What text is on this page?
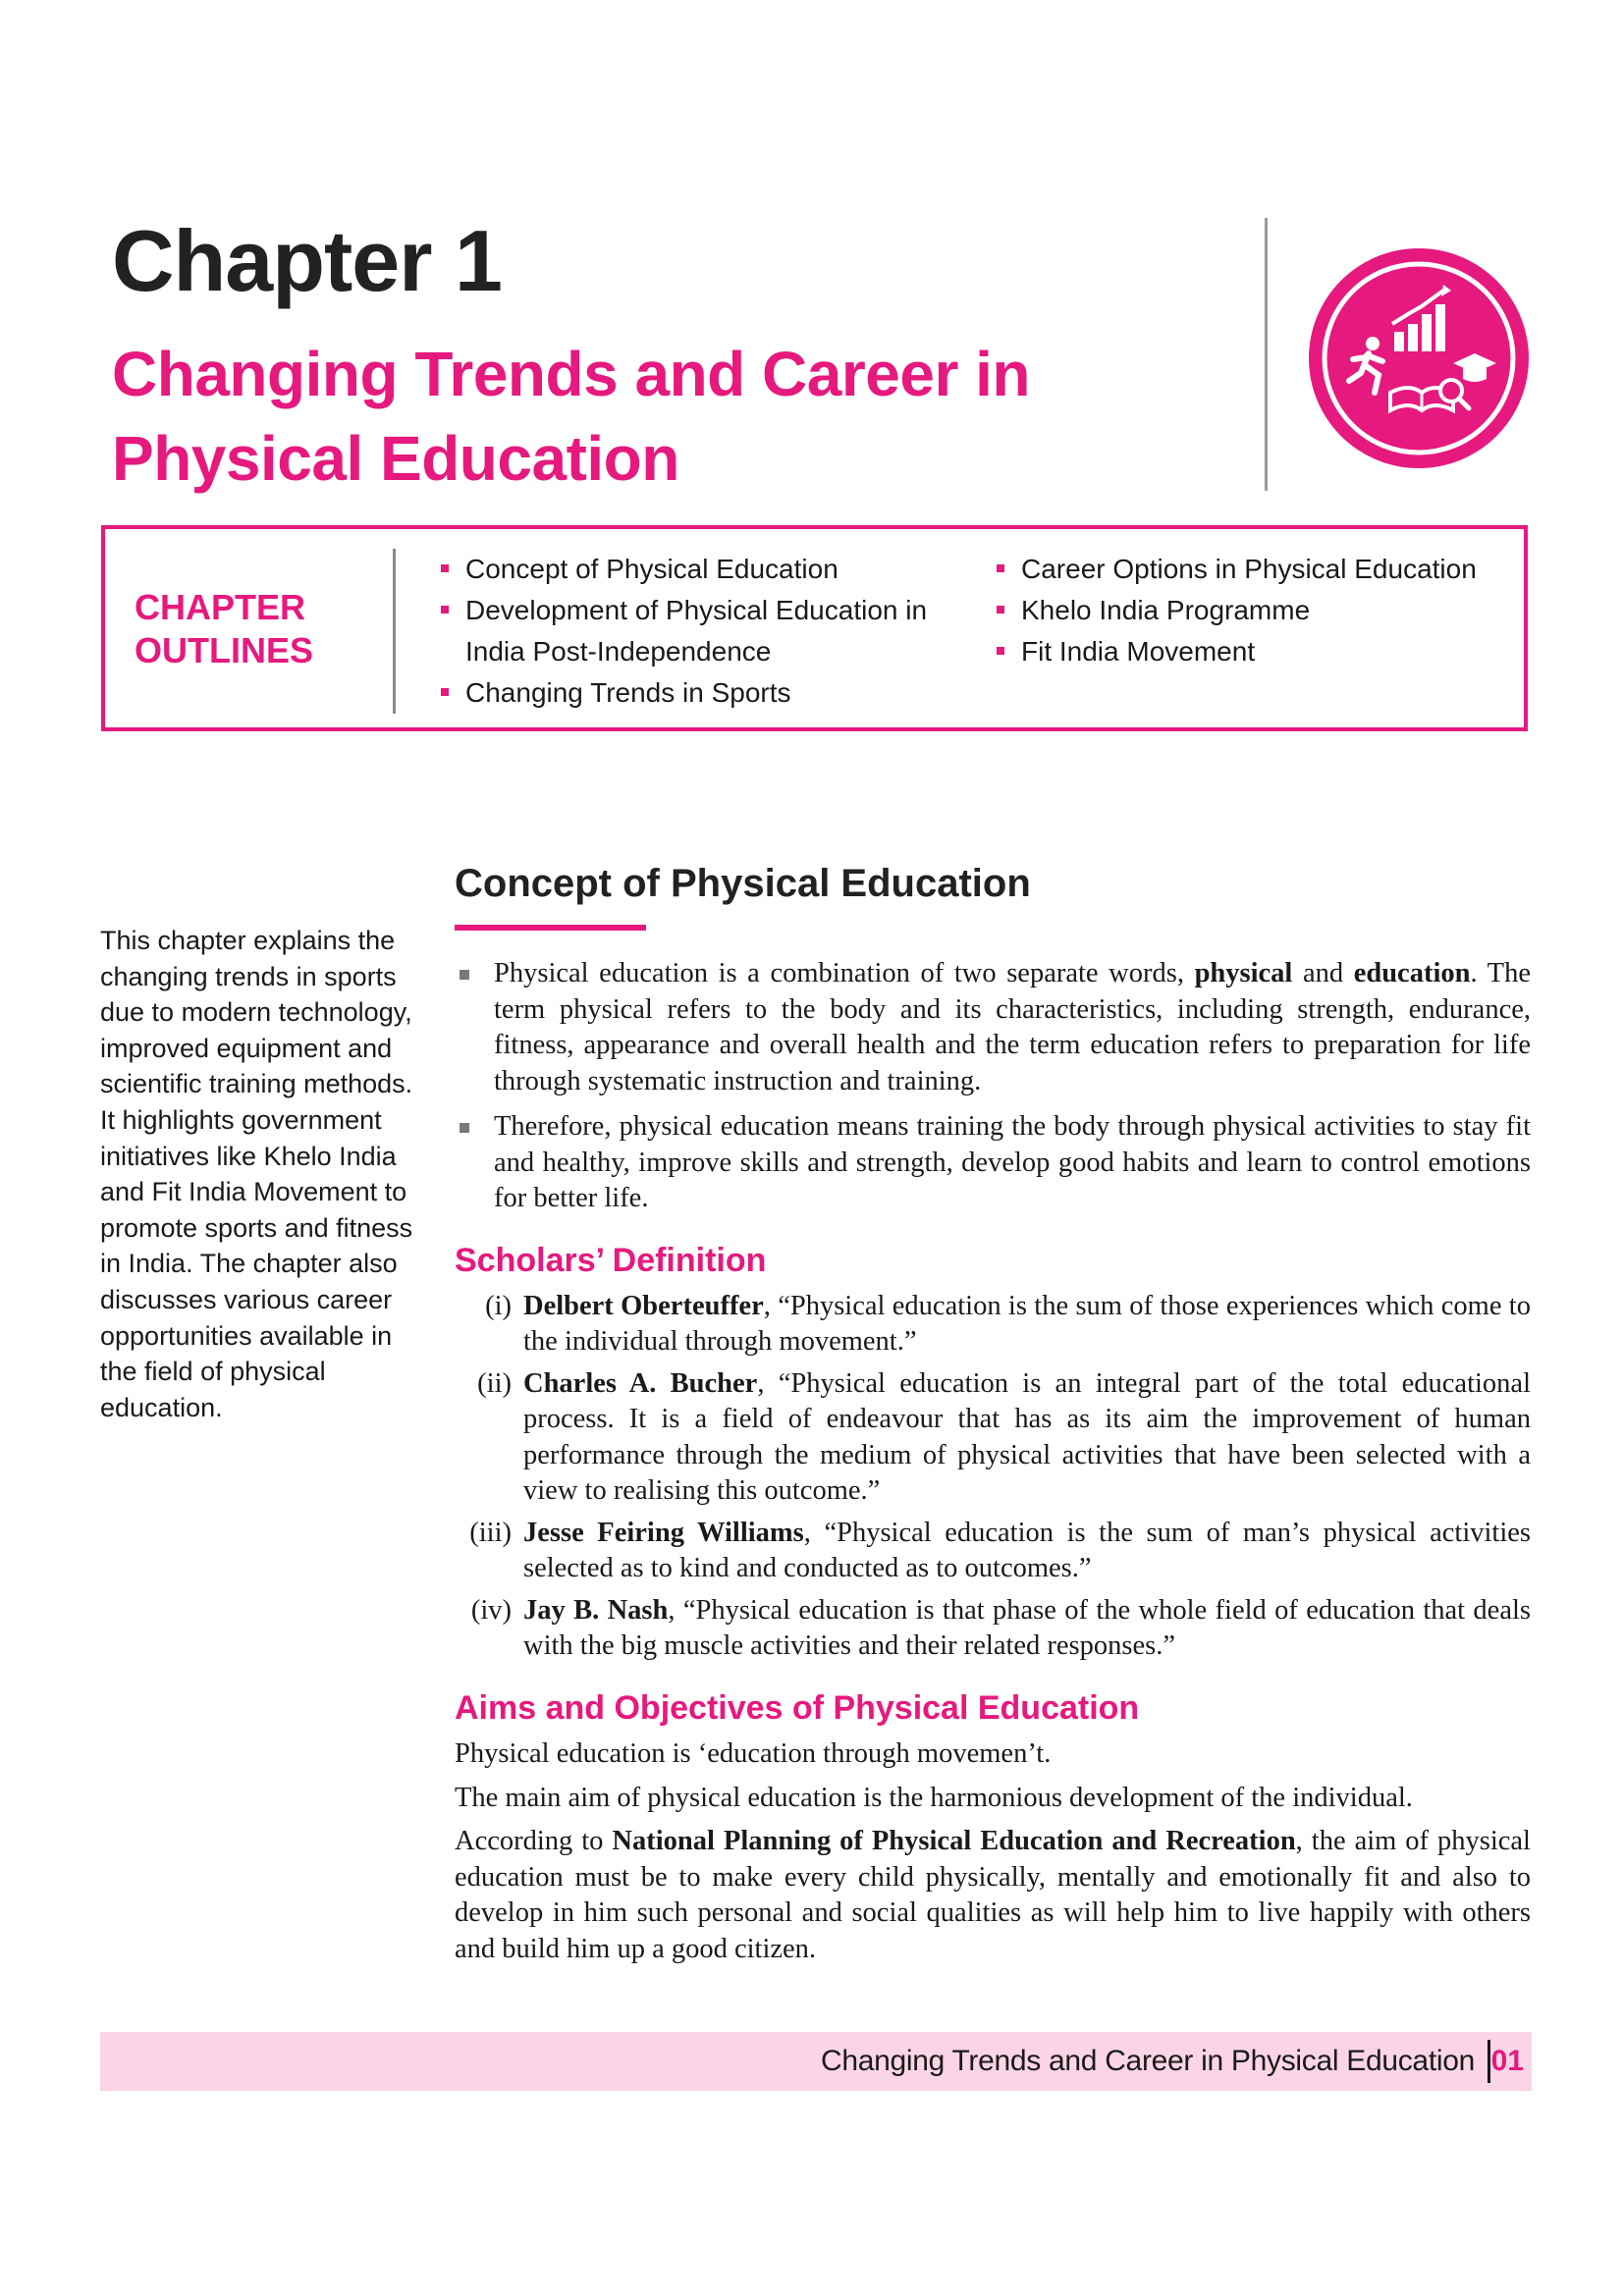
Chapter 1
Changing Trends and Career in Physical Education
CHAPTER OUTLINES
Concept of Physical Education
Development of Physical Education in India Post-Independence
Changing Trends in Sports
Career Options in Physical Education
Khelo India Programme
Fit India Movement
This chapter explains the changing trends in sports due to modern technology, improved equipment and scientific training methods. It highlights government initiatives like Khelo India and Fit India Movement to promote sports and fitness in India. The chapter also discusses various career opportunities available in the field of physical education.
Concept of Physical Education
Physical education is a combination of two separate words, physical and education. The term physical refers to the body and its characteristics, including strength, endurance, fitness, appearance and overall health and the term education refers to preparation for life through systematic instruction and training.
Therefore, physical education means training the body through physical activities to stay fit and healthy, improve skills and strength, develop good habits and learn to control emotions for better life.
Scholars’ Definition
(i) Delbert Oberteuffer, “Physical education is the sum of those experiences which come to the individual through movement.”
(ii) Charles A. Bucher, “Physical education is an integral part of the total educational process. It is a field of endeavour that has as its aim the improvement of human performance through the medium of physical activities that have been selected with a view to realising this outcome.”
(iii) Jesse Feiring Williams, “Physical education is the sum of man’s physical activities selected as to kind and conducted as to outcomes.”
(iv) Jay B. Nash, “Physical education is that phase of the whole field of education that deals with the big muscle activities and their related responses.”
Aims and Objectives of Physical Education

Physical education is ‘education through movemen’t.

The main aim of physical education is the harmonious development of the individual.

According to National Planning of Physical Education and Recreation, the aim of physical education must be to make every child physically, mentally and emotionally fit and also to develop in him such personal and social qualities as will help him to live happily with others and build him up a good citizen.

Changing Trends and Career in Physical Education 01
